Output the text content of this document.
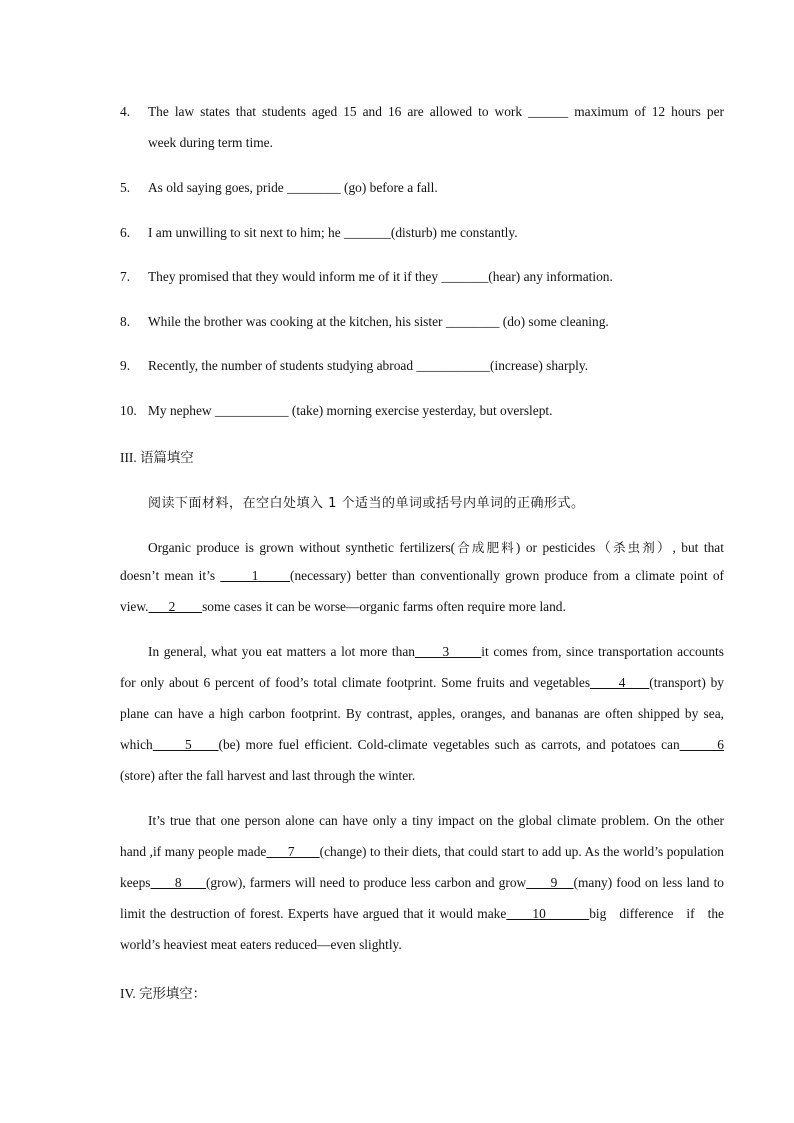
4. The law states that students aged 15 and 16 are allowed to work ______ maximum of 12 hours per
week during term time.
5. As old saying goes, pride ________ (go) before a fall.
6. I am unwilling to sit next to him; he _______(disturb) me constantly.
7. They promised that they would inform me of it if they _______(hear) any information.
8. While the brother was cooking at the kitchen, his sister ________ (do) some cleaning.
9. Recently, the number of students studying abroad ___________(increase) sharply.
10. My nephew ___________ (take) morning exercise yesterday, but overslept.
III. 语篇填空
阅读下面材料，在空白处填入 1 个适当的单词或括号内单词的正确形式。
Organic produce is grown without synthetic fertilizers(合成肥料) or pesticides（杀虫剂）, but that
doesn’t mean it’s       1      (necessary) better than conventionally grown produce from a climate point of
view.      2        some cases it can be worse—organic farms often require more land.
In general, what you eat matters a lot more than      3       it comes from, since transportation accounts
for only about 6 percent of food’s total climate footprint. Some fruits and vegetables      4     (transport) by
plane can have a high carbon footprint. By contrast, apples, oranges, and bananas are often shipped by sea,
which      5     (be) more fuel efficient. Cold-climate vegetables such as carrots, and potatoes can       6
(store) after the fall harvest and last through the winter.
It’s true that one person alone can have only a tiny impact on the global climate problem. On the other
hand ,if many people made      7       (change) to their diets, that could start to add up. As the world’s population
keeps      8      (grow), farmers will need to produce less carbon and grow      9    (many) food on less land to
limit the destruction of forest. Experts have argued that it would make      10          big   difference   if   the
world’s heaviest meat eaters reduced—even slightly.
IV. 完形填空：
